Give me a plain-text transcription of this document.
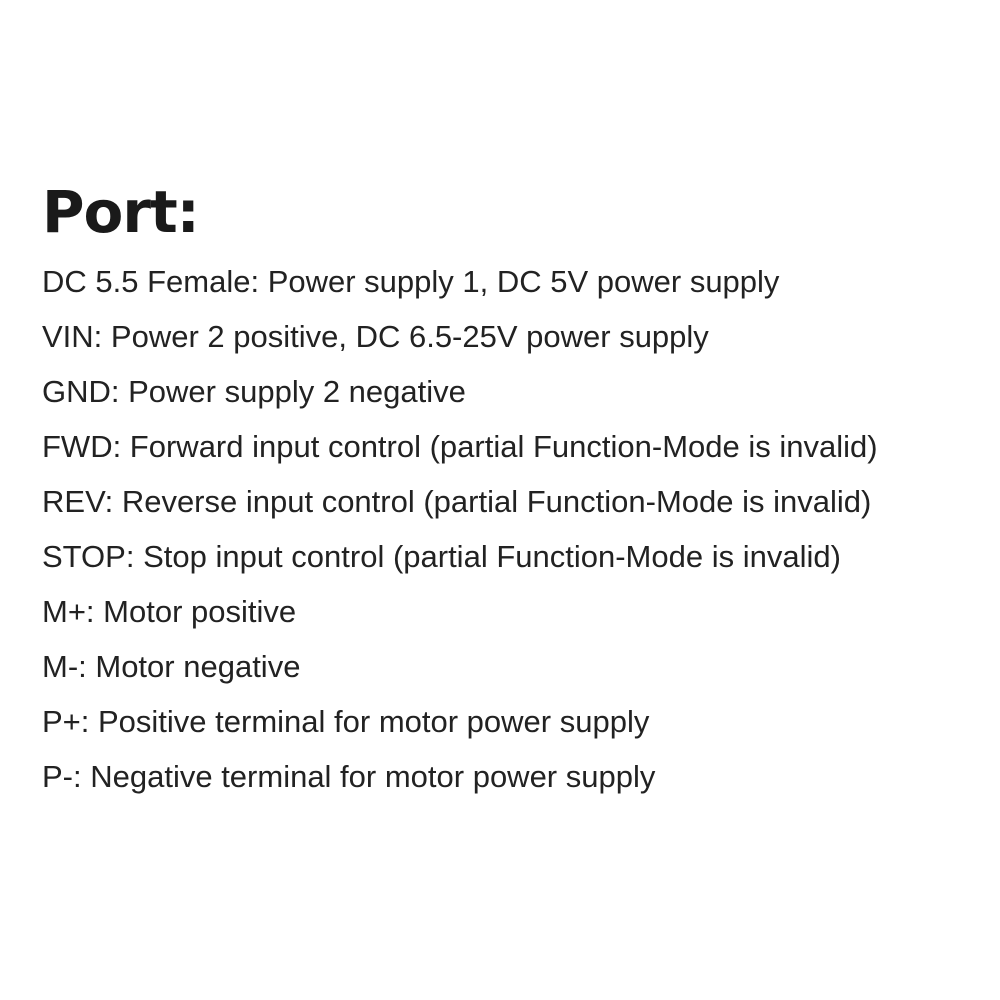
Port:

DC 5.5 Female: Power supply 1, DC 5V power supply

VIN: Power 2 positive, DC 6.5-25V power supply

GND: Power supply 2 negative

FWD: Forward input control (partial Function-Mode is invalid)

REV: Reverse input control (partial Function-Mode is invalid)

STOP: Stop input control (partial Function-Mode is invalid)

M+: Motor positive

M-: Motor negative

P+: Positive terminal for motor power supply

P-: Negative terminal for motor power supply
